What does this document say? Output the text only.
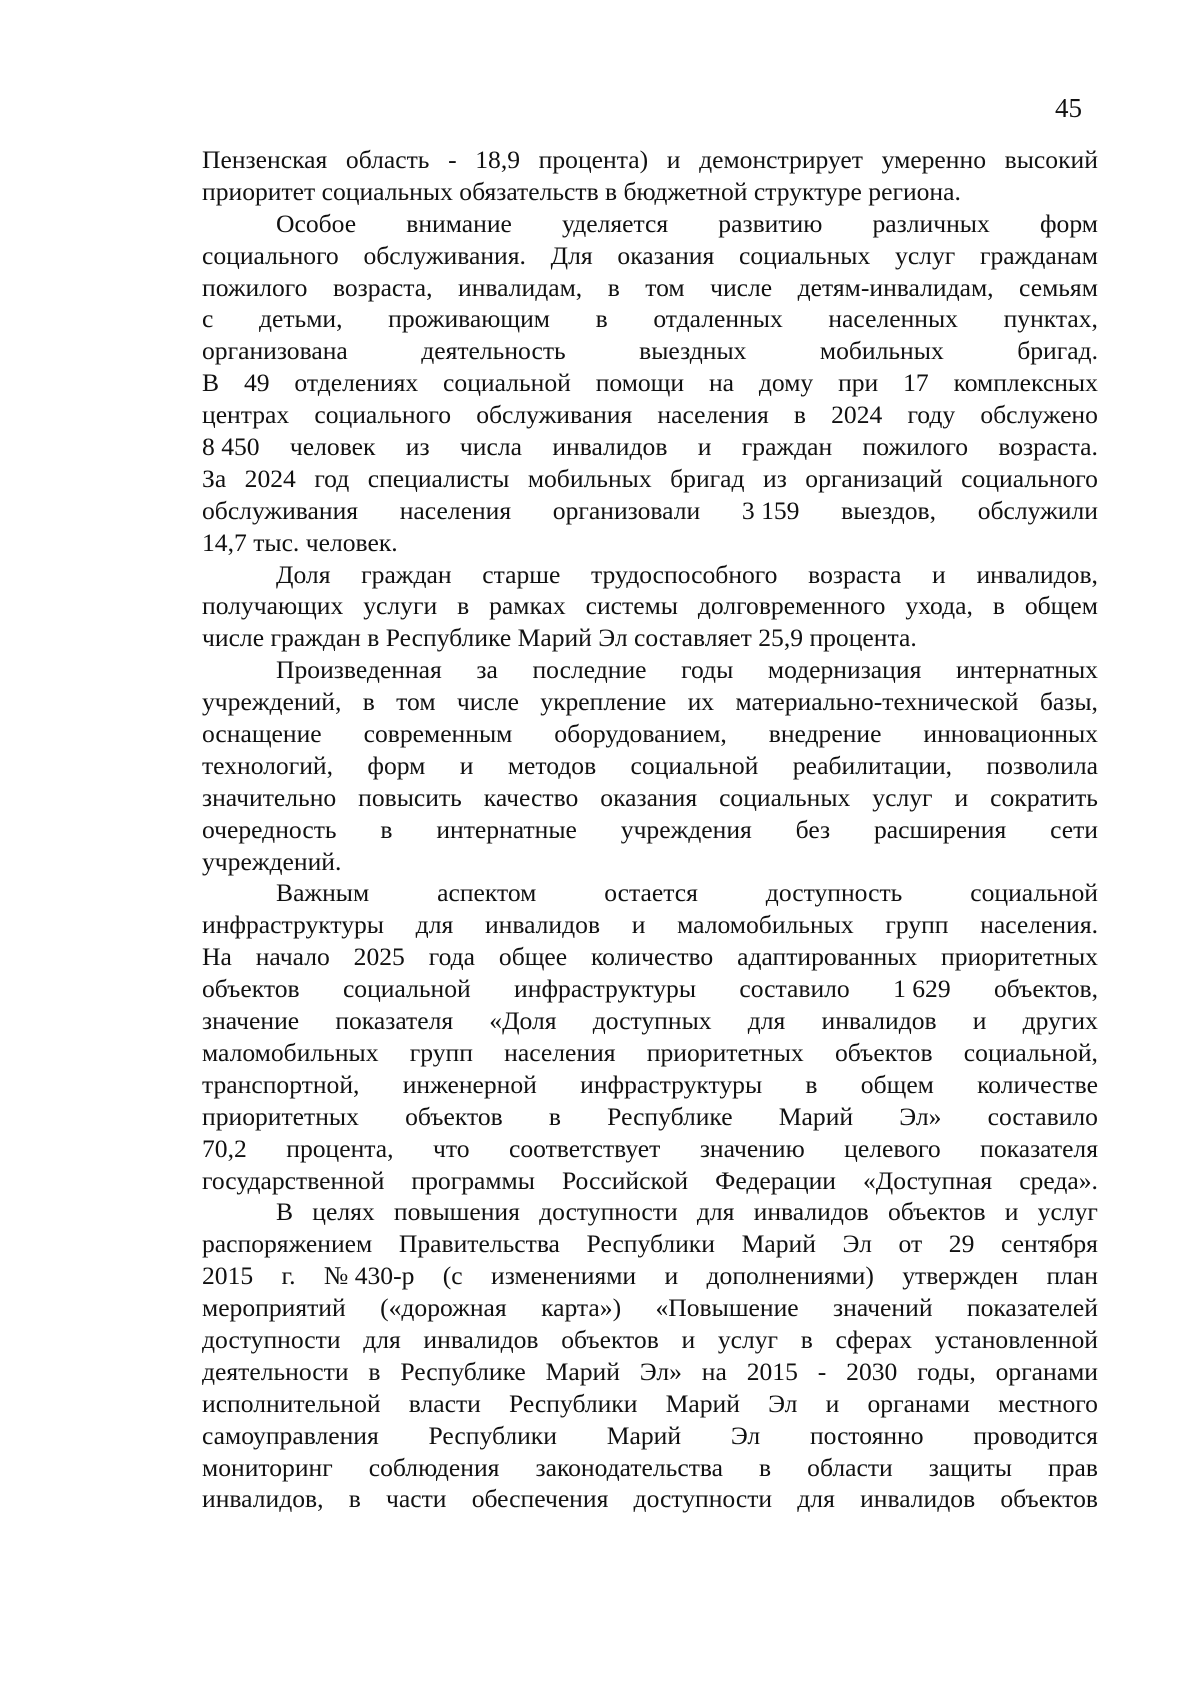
45
Пензенская область - 18,9 процента) и демонстрирует умеренно высокий
приоритет социальных обязательств в бюджетной структуре региона.
Особое внимание уделяется развитию различных форм
социального обслуживания. Для оказания социальных услуг гражданам
пожилого возраста, инвалидам, в том числе детям-инвалидам, семьям
с детьми, проживающим в отдаленных населенных пунктах,
организована	деятельность	выездных	мобильных	бригад.
В 49 отделениях социальной помощи на дому при 17 комплексных
центрах социального обслуживания населения в 2024 году обслужено
8 450 человек из числа инвалидов и граждан пожилого возраста.
За 2024 год специалисты мобильных бригад из организаций социального
обслуживания населения организовали 3 159 выездов, обслужили
14,7 тыс. человек.
Доля граждан старше трудоспособного возраста и инвалидов,
получающих услуги в рамках системы долговременного ухода, в общем
числе граждан в Республике Марий Эл составляет 25,9 процента.
Произведенная за последние годы модернизация интернатных
учреждений, в том числе укрепление их материально-технической базы,
оснащение современным оборудованием, внедрение инновационных
технологий, форм и методов социальной реабилитации, позволила
значительно повысить качество оказания социальных услуг и сократить
очередность в интернатные учреждения без расширения сети
учреждений.
Важным	аспектом	остается	доступность	социальной
инфраструктуры для инвалидов и маломобильных групп населения.
На начало 2025 года общее количество адаптированных приоритетных
объектов социальной инфраструктуры составило 1 629 объектов,
значение показателя «Доля доступных для инвалидов и других
маломобильных групп населения приоритетных объектов социальной,
транспортной, инженерной инфраструктуры в общем количестве
приоритетных объектов в Республике Марий Эл» составило
70,2 процента, что соответствует значению целевого показателя
государственной программы Российской Федерации «Доступная среда».
В целях повышения доступности для инвалидов объектов и услуг
распоряжением Правительства Республики Марий Эл от 29 сентября
2015 г. № 430-р (с изменениями и дополнениями) утвержден план
мероприятий («дорожная карта») «Повышение значений показателей
доступности для инвалидов объектов и услуг в сферах установленной
деятельности в Республике Марий Эл» на 2015 - 2030 годы, органами
исполнительной власти Республики Марий Эл и органами местного
самоуправления Республики Марий Эл постоянно проводится
мониторинг соблюдения законодательства в области защиты прав
инвалидов, в части обеспечения доступности для инвалидов объектов
